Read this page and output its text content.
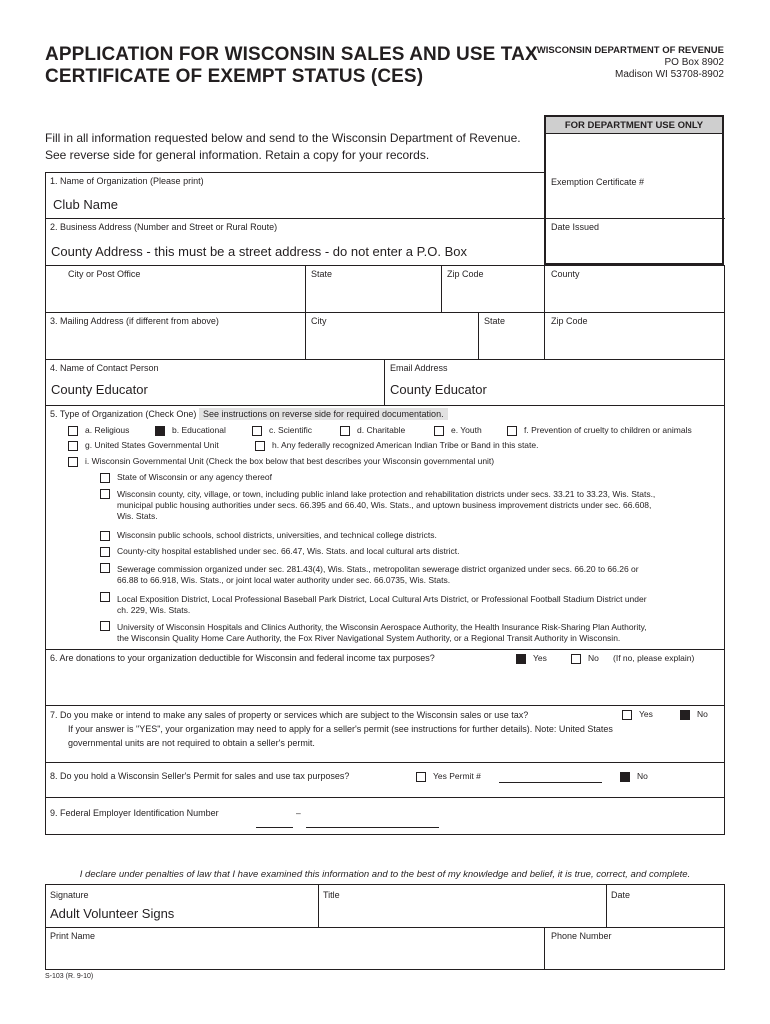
APPLICATION FOR WISCONSIN SALES AND USE TAX
CERTIFICATE OF EXEMPT STATUS (CES)
WISCONSIN DEPARTMENT OF REVENUE
PO Box 8902
Madison WI 53708-8902
Fill in all information requested below and send to the Wisconsin Department of Revenue. See reverse side for general information. Retain a copy for your records.
FOR DEPARTMENT USE ONLY
1. Name of Organization (Please print)
Club Name
Exemption Certificate #
2. Business Address (Number and Street or Rural Route)
County Address - this must be a street address - do not enter a P.O. Box
Date Issued
City or Post Office	State	Zip Code	County
3. Mailing Address (if different from above)	City	State	Zip Code
4. Name of Contact Person
County Educator
Email Address
County Educator
5. Type of Organization (Check One) See instructions on reverse side for required documentation.
a. Religious	b. Educational	c. Scientific	d. Charitable	e. Youth	f. Prevention of cruelty to children or animals
g. United States Governmental Unit	h. Any federally recognized American Indian Tribe or Band in this state.
i. Wisconsin Governmental Unit (Check the box below that best describes your Wisconsin governmental unit)
State of Wisconsin or any agency thereof
Wisconsin county, city, village, or town, including public inland lake protection and rehabilitation districts under secs. 33.21 to 33.23, Wis. Stats.,
municipal public housing authorities under secs. 66.395 and 66.40, Wis. Stats., and uptown business improvement districts under sec. 66.608,
Wis. Stats.
Wisconsin public schools, school districts, universities, and technical college districts.
County-city hospital established under sec. 66.47, Wis. Stats. and local cultural arts district.
Sewerage commission organized under sec. 281.43(4), Wis. Stats., metropolitan sewerage district organized under secs. 66.20 to 66.26 or
66.88 to 66.918, Wis. Stats., or joint local water authority under sec. 66.0735, Wis. Stats.
Local Exposition District, Local Professional Baseball Park District, Local Cultural Arts District, or Professional Football Stadium District under
ch. 229, Wis. Stats.
University of Wisconsin Hospitals and Clinics Authority, the Wisconsin Aerospace Authority, the Health Insurance Risk-Sharing Plan Authority,
the Wisconsin Quality Home Care Authority, the Fox River Navigational System Authority, or a Regional Transit Authority in Wisconsin.
6. Are donations to your organization deductible for Wisconsin and federal income tax purposes?	Yes	No (If no, please explain)
7. Do you make or intend to make any sales of property or services which are subject to the Wisconsin sales or use tax?
If your answer is "YES", your organization may need to apply for a seller's permit (see instructions for further details). Note: United States
governmental units are not required to obtain a seller's permit.
Yes	No
8. Do you hold a Wisconsin Seller's Permit for sales and use tax purposes?	Yes Permit #	No
9. Federal Employer Identification Number	–
I declare under penalties of law that I have examined this information and to the best of my knowledge and belief, it is true, correct, and complete.
Signature
Adult Volunteer Signs
Title	Date
Print Name	Phone Number
S-103 (R. 9-10)
